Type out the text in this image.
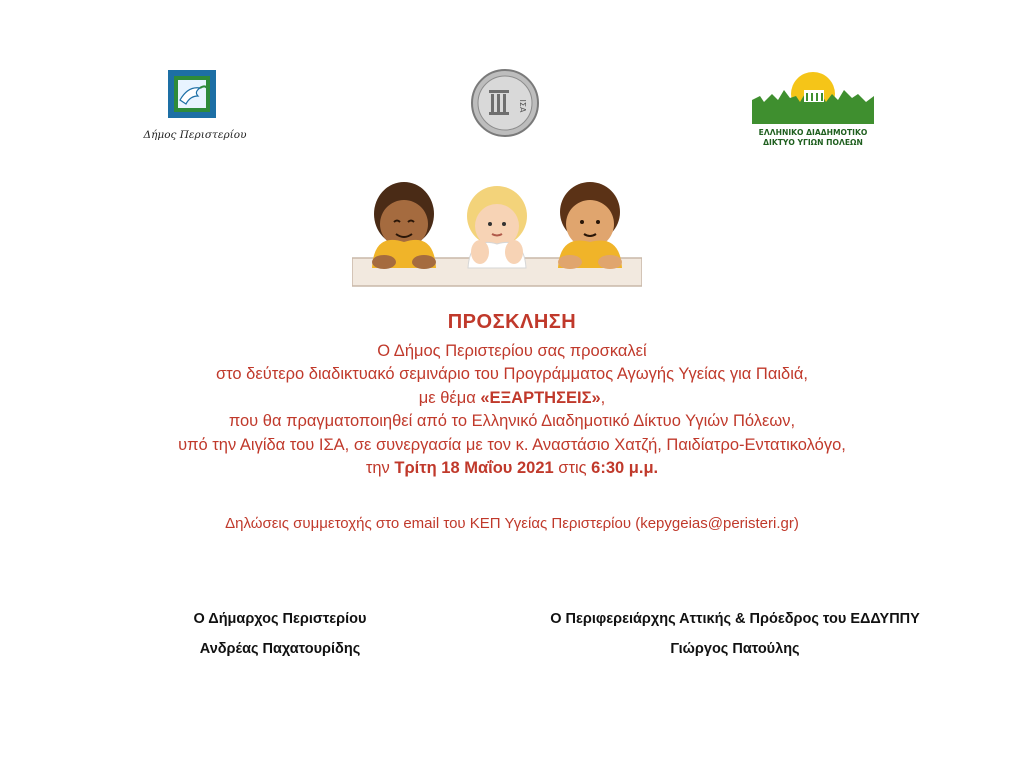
Δήμος Περιστερίου
ΙΣΑ
ΕΛΛΗΝΙΚΟ ΔΙΑΔΗΜΟΤΙΚΟ
ΔΙΚΤΥΟ ΥΓΙΩΝ ΠΟΛΕΩΝ
ΠΡΟΣΚΛΗΣΗ
Ο Δήμος Περιστερίου σας προσκαλεί
στο δεύτερο διαδικτυακό σεμινάριο του Προγράμματος Αγωγής Υγείας για Παιδιά,
με θέμα «ΕΞΑΡΤΗΣΕΙΣ»,
που θα πραγματοποιηθεί από το Ελληνικό Διαδημοτικό Δίκτυο Υγιών Πόλεων,
υπό την Αιγίδα του ΙΣΑ, σε συνεργασία με τον κ. Αναστάσιο Χατζή, Παιδίατρο-Εντατικολόγο,
την Τρίτη 18 Μαΐου 2021 στις 6:30 μ.μ.
Δηλώσεις συμμετοχής στο email του ΚΕΠ Υγείας Περιστερίου (kepygeias@peristeri.gr)
Ο Δήμαρχος Περιστερίου
Ανδρέας Παχατουρίδης
Ο Περιφερειάρχης Αττικής & Πρόεδρος του ΕΔΔΥΠΠΥ
Γιώργος Πατούλης
